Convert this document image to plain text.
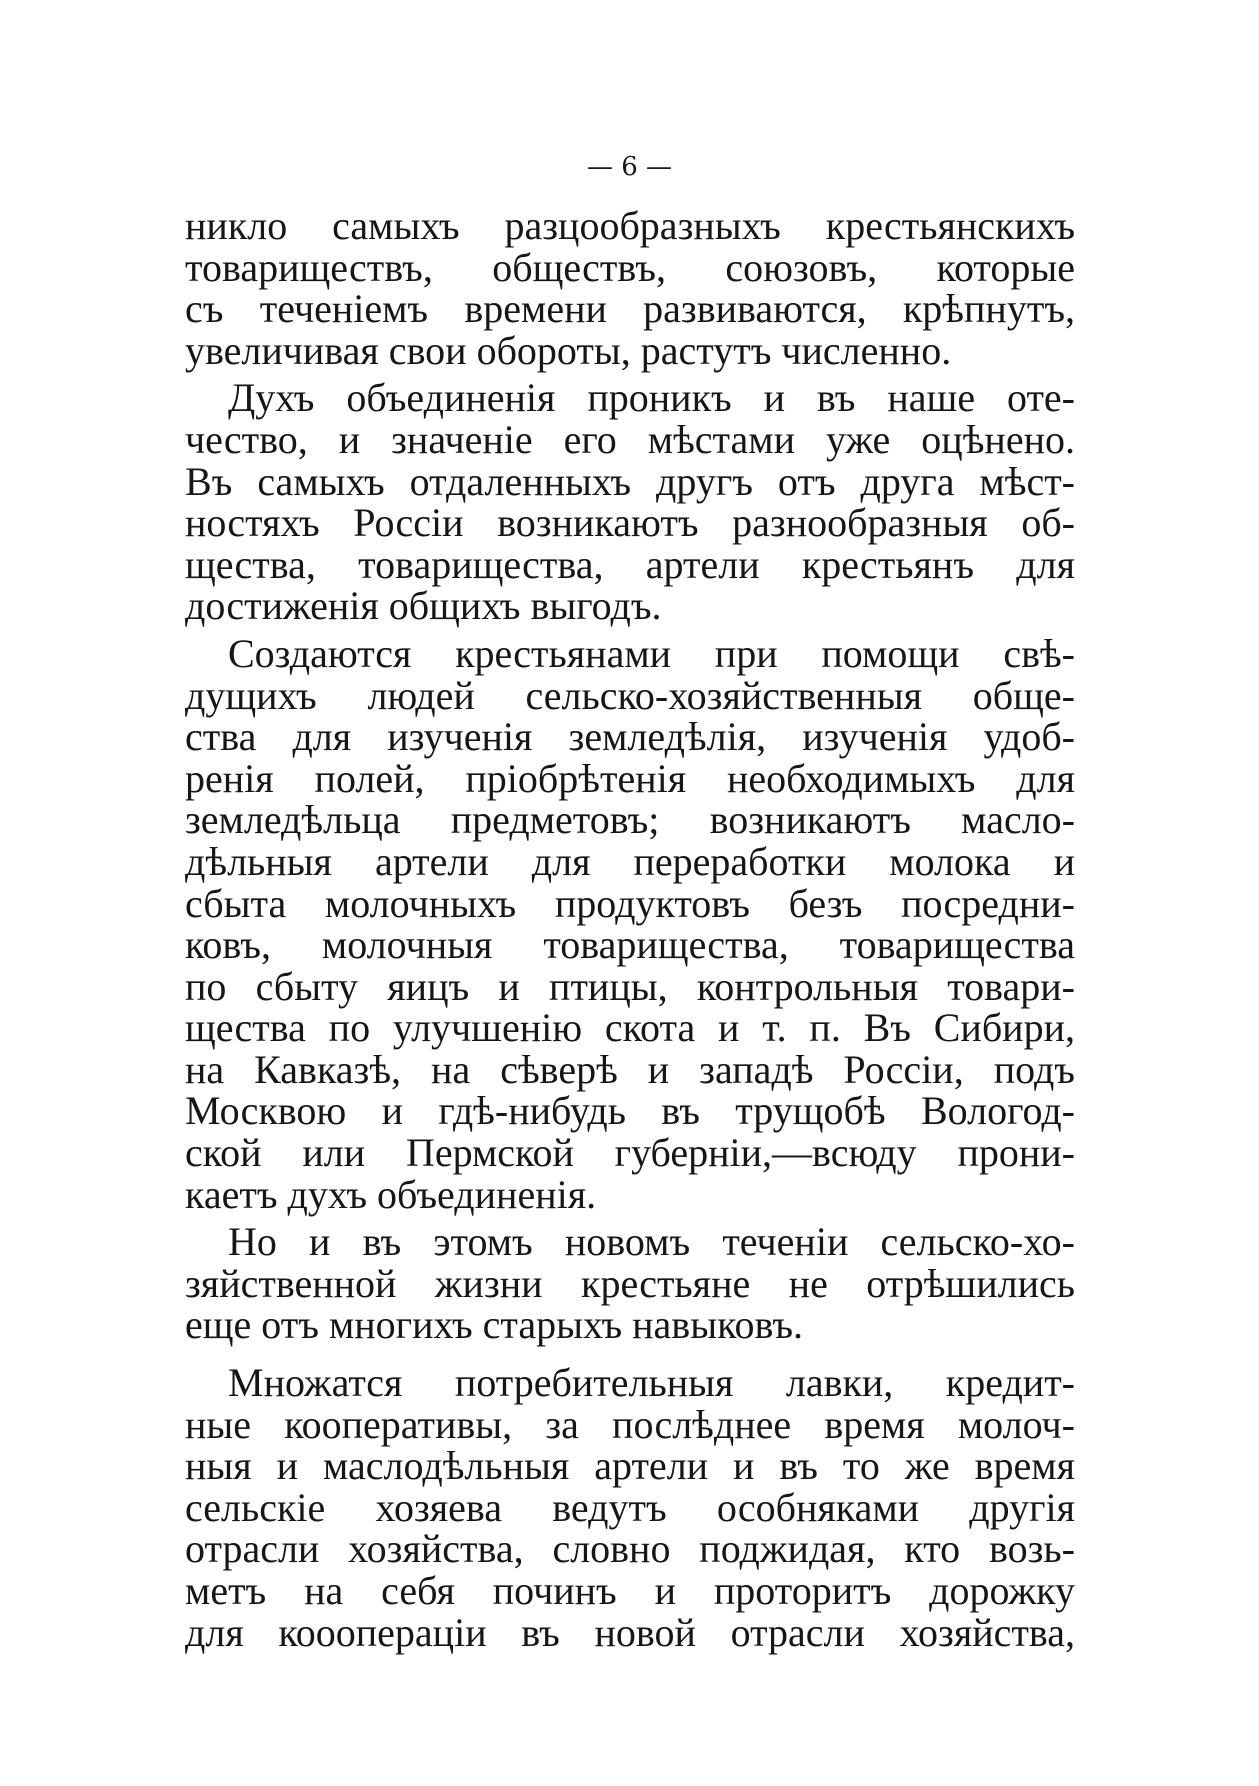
— 6 —
никло самыхъ разцообразныхъ крестьянскихъ
товариществъ, обществъ, союзовъ, которые
съ теченіемъ времени развиваются, крѣпнутъ,
увеличивая свои обороты, растутъ численно.
Духъ объединенія проникъ и въ наше оте-
чество, и значеніе его мѣстами уже оцѣнено.
Въ самыхъ отдаленныхъ другъ отъ друга мѣст-
ностяхъ Россіи возникаютъ разнообразныя об-
щества, товарищества, артели крестьянъ для
достиженія общихъ выгодъ.
Создаются крестьянами при помощи свѣ-
дущихъ людей сельско-хозяйственныя обще-
ства для изученія земледѣлія, изученія удоб-
ренія полей, пріобрѣтенія необходимыхъ для
земледѣльца предметовъ; возникаютъ масло-
дѣльныя артели для переработки молока и
сбыта молочныхъ продуктовъ безъ посредни-
ковъ, молочныя товарищества, товарищества
по сбыту яицъ и птицы, контрольныя товари-
щества по улучшенію скота и т. п. Въ Сибири,
на Кавказѣ, на сѣверѣ и западѣ Россіи, подъ
Москвою и гдѣ-нибудь въ трущобѣ Вологод-
ской или Пермской губерніи,—всюду прони-
каетъ духъ объединенія.
Но и въ этомъ новомъ теченіи сельско-хо-
зяйственной жизни крестьяне не отрѣшились
еще отъ многихъ старыхъ навыковъ.
Множатся потребительныя лавки, кредит-
ные кооперативы, за послѣднее время молоч-
ныя и маслодѣльныя артели и въ то же время
сельскіе хозяева ведутъ особняками другія
отрасли хозяйства, словно поджидая, кто возь-
метъ на себя починъ и проторитъ дорожку
для кооопераціи въ новой отрасли хозяйства,
